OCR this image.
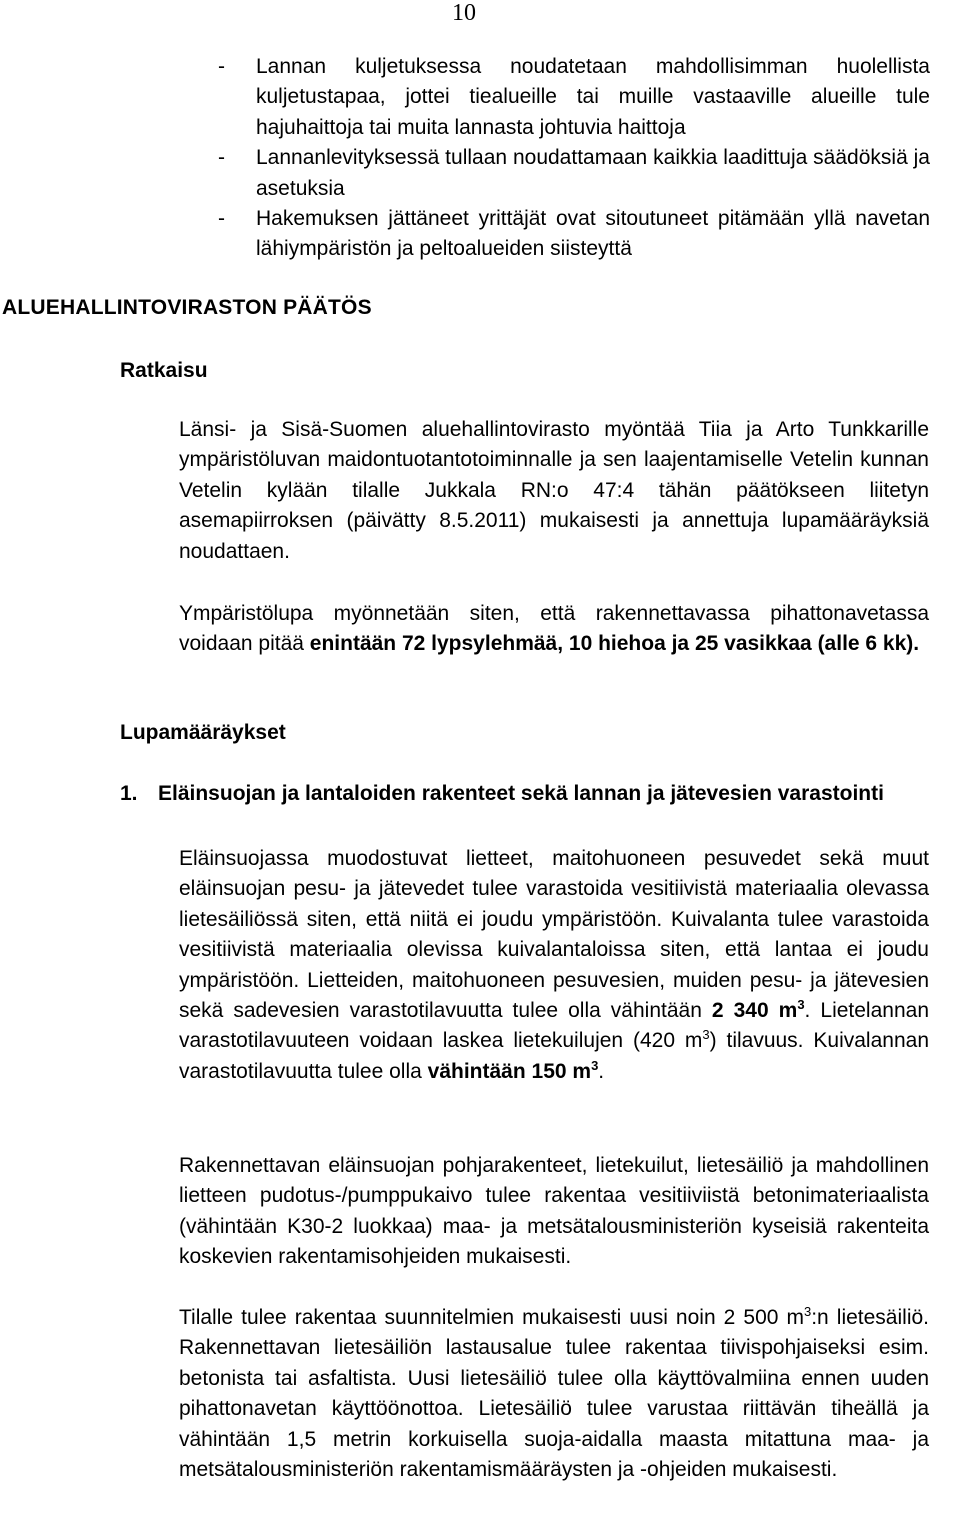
10
- Lannan kuljetuksessa noudatetaan mahdollisimman huolellista kuljetustapaa, jottei tiealueille tai muille vastaaville alueille tule hajuhaittoja tai muita lannasta johtuvia haittoja
- Lannanlevityksessä tullaan noudattamaan kaikkia laadittuja säädöksiä ja asetuksia
- Hakemuksen jättäneet yrittäjät ovat sitoutuneet pitämään yllä navetan lähiympäristön ja peltoalueiden siisteyttä
ALUEHALLINTOVIRASTON PÄÄTÖS
Ratkaisu

Länsi- ja Sisä-Suomen aluehallintovirasto myöntää Tiia ja Arto Tunkkarille ympäristöluvan maidontuotantotoiminnalle ja sen laajentamiselle Vetelin kunnan Vetelin kylään tilalle Jukkala RN:o 47:4 tähän päätökseen liitetyn asemapiirroksen (päivätty 8.5.2011) mukaisesti ja annettuja lupamääräyksiä noudattaen.

Ympäristölupa myönnetään siten, että rakennettavassa pihattonavetassa voidaan pitää enintään 72 lypsylehmää, 10 hiehoa ja 25 vasikkaa (alle 6 kk).

Lupamääräykset
1. Eläinsuojan ja lantaloiden rakenteet sekä lannan ja jätevesien varastointi

Eläinsuojassa muodostuvat lietteet, maitohuoneen pesuvedet sekä muut eläinsuojan pesu- ja jätevedet tulee varastoida vesitiivistä materiaalia olevassa lietesäiliössä siten, että niitä ei joudu ympäristöön. Kuivalanta tulee varastoida vesitiivistä materiaalia olevissa kuivalantaloissa siten, että lantaa ei joudu ympäristöön. Lietteiden, maitohuoneen pesuvesien, muiden pesu- ja jätevesien sekä sadevesien varastotilavuutta tulee olla vähintään 2 340 $m^3$. Lietelannan varastotilavuuteen voidaan laskea lietekuilujen (420 $m^3$) tilavuus. Kuivalannan varastotilavuutta tulee olla vähintään 150 $m^3$.

Rakennettavan eläinsuojan pohjarakenteet, lietekuilut, lietesäiliö ja mahdollinen lietteen pudotus-/pumppukaivo tulee rakentaa vesitiiviistä betonimateriaalista (vähintään K30-2 luokkaa) maa- ja metsätalousministeriön kyseisiä rakenteita koskevien rakentamisohjeiden mukaisesti.

Tilalle tulee rakentaa suunnitelmien mukaisesti uusi noin 2 500 $m^3:n$ lietesäiliö. Rakennettavan lietesäiliön lastausalue tulee rakentaa tiivispohjaiseksi esim. betonista tai asfaltista. Uusi lietesäiliö tulee olla käyttövalmiina ennen uuden pihattonavetan käyttöönottoa. Lietesäiliö tulee varustaa riittävän tiheällä ja vähintään 1,5 metrin korkuisella suoja-aidalla maasta mitattuna maa- ja metsätalousministeriön rakentamismääräysten ja -ohjeiden mukaisesti.
